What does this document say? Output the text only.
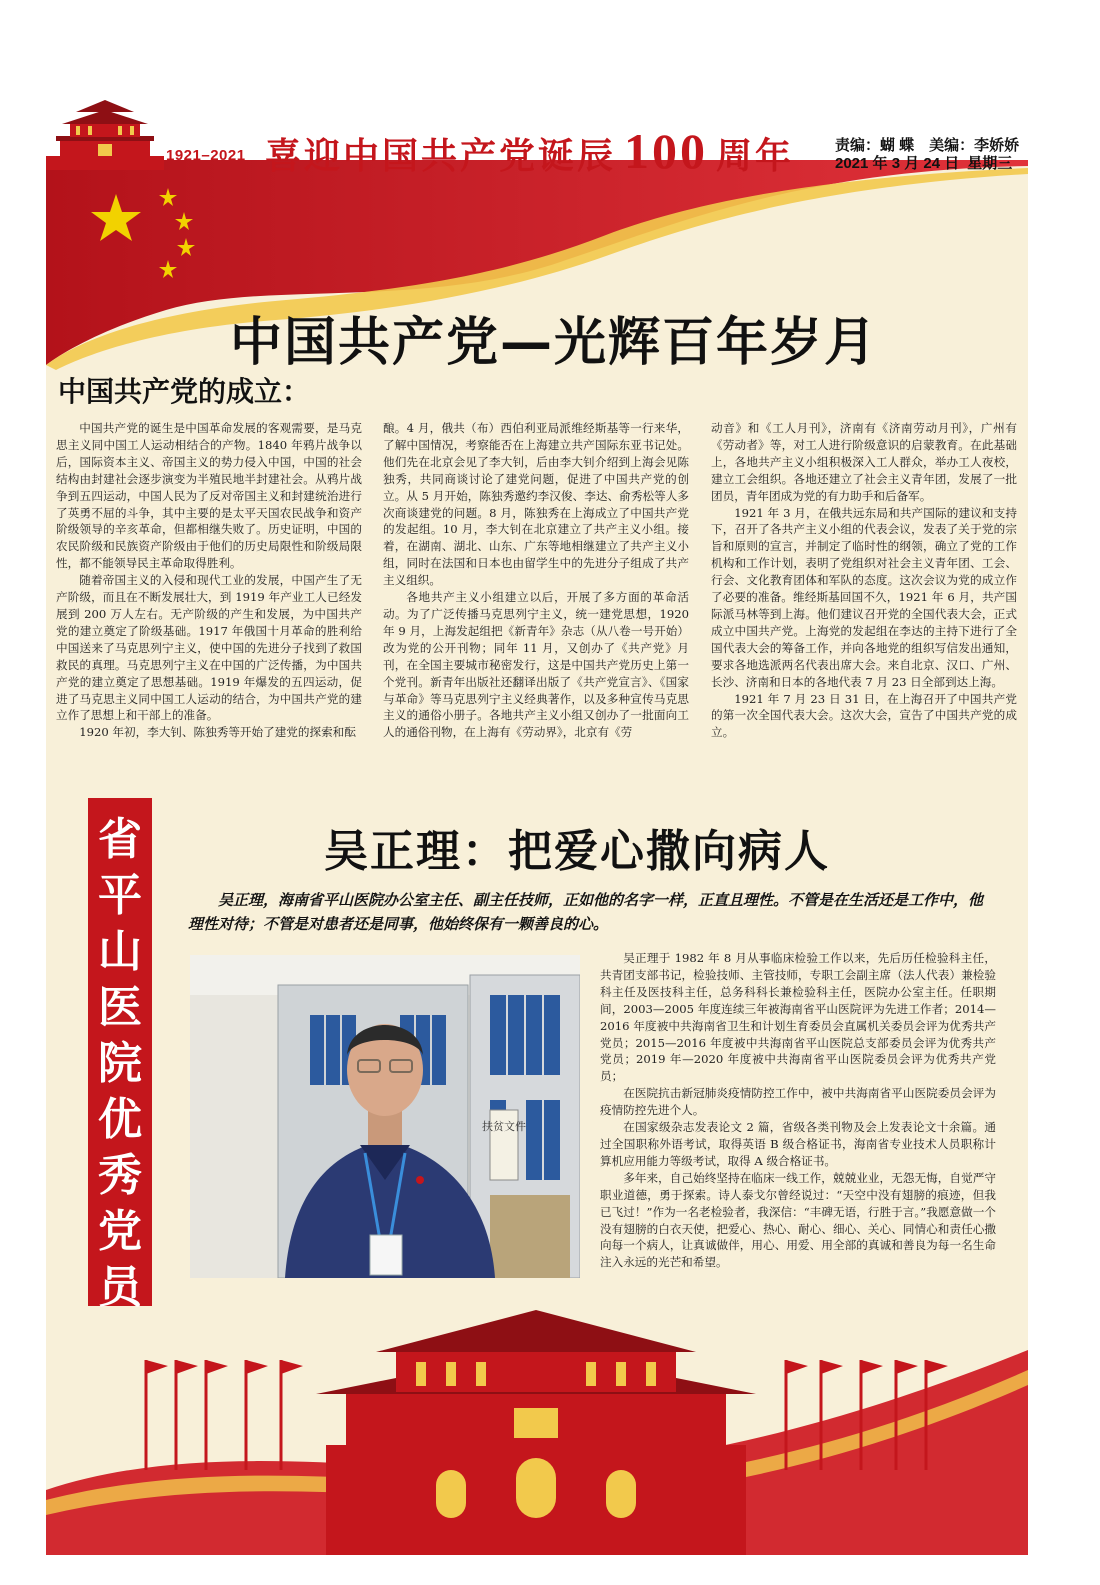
1921–2021 喜迎中国共产党诞辰 100 周年	责编：蝴 蝶　美编：李娇娇
2021 年 3 月 24 日 星期三
中国共产党—光辉百年岁月
中国共产党的成立：

中国共产党的诞生是中国革命发展的客观需要，是马克思主义同中国工人运动相结合的产物。1840 年鸦片战争以后，国际资本主义、帝国主义的势力侵入中国，中国的社会结构由封建社会逐步演变为半殖民地半封建社会。从鸦片战争到五四运动，中国人民为了反对帝国主义和封建统治进行了英勇不屈的斗争，其中主要的是太平天国农民战争和资产阶级领导的辛亥革命，但都相继失败了。历史证明，中国的农民阶级和民族资产阶级由于他们的历史局限性和阶级局限性，都不能领导民主革命取得胜利。

随着帝国主义的入侵和现代工业的发展，中国产生了无产阶级，而且在不断发展壮大，到 1919 年产业工人已经发展到 200 万人左右。无产阶级的产生和发展，为中国共产党的建立奠定了阶级基础。1917 年俄国十月革命的胜利给中国送来了马克思列宁主义，使中国的先进分子找到了救国救民的真理。马克思列宁主义在中国的广泛传播，为中国共产党的建立奠定了思想基础。1919 年爆发的五四运动，促进了马克思主义同中国工人运动的结合，为中国共产党的建立作了思想上和干部上的准备。

1920 年初，李大钊、陈独秀等开始了建党的探索和酝

酿。4 月，俄共（布）西伯利亚局派维经斯基等一行来华，了解中国情况，考察能否在上海建立共产国际东亚书记处。他们先在北京会见了李大钊，后由李大钊介绍到上海会见陈独秀，共同商谈讨论了建党问题，促进了中国共产党的创立。从 5 月开始，陈独秀邀约李汉俊、李达、俞秀松等人多次商谈建党的问题。8 月，陈独秀在上海成立了中国共产党的发起组。10 月，李大钊在北京建立了共产主义小组。接着，在湖南、湖北、山东、广东等地相继建立了共产主义小组，同时在法国和日本也由留学生中的先进分子组成了共产主义组织。

各地共产主义小组建立以后，开展了多方面的革命活动。为了广泛传播马克思列宁主义，统一建党思想，1920 年 9 月，上海发起组把《新青年》杂志（从八卷一号开始）改为党的公开刊物；同年 11 月，又创办了《共产党》月刊，在全国主要城市秘密发行，这是中国共产党历史上第一个党刊。新青年出版社还翻译出版了《共产党宣言》、《国家与革命》等马克思列宁主义经典著作，以及多种宣传马克思主义的通俗小册子。各地共产主义小组又创办了一批面向工人的通俗刊物，在上海有《劳动界》，北京有《劳

动音》和《工人月刊》，济南有《济南劳动月刊》，广州有《劳动者》等，对工人进行阶级意识的启蒙教育。在此基础上，各地共产主义小组积极深入工人群众，举办工人夜校，建立工会组织。各地还建立了社会主义青年团，发展了一批团员，青年团成为党的有力助手和后备军。

1921 年 3 月，在俄共远东局和共产国际的建议和支持下，召开了各共产主义小组的代表会议，发表了关于党的宗旨和原则的宣言，并制定了临时性的纲领，确立了党的工作机构和工作计划，表明了党组织对社会主义青年团、工会、行会、文化教育团体和军队的态度。这次会议为党的成立作了必要的准备。维经斯基回国不久，1921 年 6 月，共产国际派马林等到上海。他们建议召开党的全国代表大会，正式成立中国共产党。上海党的发起组在李达的主持下进行了全国代表大会的筹备工作，并向各地党的组织写信发出通知，要求各地选派两名代表出席大会。来自北京、汉口、广州、长沙、济南和日本的各地代表 7 月 23 日全部到达上海。

1921 年 7 月 23 日 31 日，在上海召开了中国共产党的第一次全国代表大会。这次大会，宣告了中国共产党的成立。

省平山医院优秀党员
吴正理：把爱心撒向病人
吴正理，海南省平山医院办公室主任、副主任技师，正如他的名字一样，正直且理性。不管是在生活还是工作中，他理性对待；不管是对患者还是同事，他始终保有一颗善良的心。
扶贫文件

吴正理于 1982 年 8 月从事临床检验工作以来，先后历任检验科主任，共青团支部书记，检验技师、主管技师，专职工会副主席（法人代表）兼检验科主任及医技科主任，总务科科长兼检验科主任，医院办公室主任。任职期间，2003—2005 年度连续三年被海南省平山医院评为先进工作者；2014—2016 年度被中共海南省卫生和计划生育委员会直属机关委员会评为优秀共产党员；2015—2016 年度被中共海南省平山医院总支部委员会评为优秀共产党员；2019 年—2020 年度被中共海南省平山医院委员会评为优秀共产党员；

在医院抗击新冠肺炎疫情防控工作中，被中共海南省平山医院委员会评为疫情防控先进个人。

在国家级杂志发表论文 2 篇，省级各类刊物及会上发表论文十余篇。通过全国职称外语考试，取得英语 B 级合格证书，海南省专业技术人员职称计算机应用能力等级考试，取得 A 级合格证书。

多年来，自己始终坚持在临床一线工作，兢兢业业，无怨无悔，自觉严守职业道德，勇于探索。诗人泰戈尔曾经说过：“天空中没有翅膀的痕迹，但我已飞过！”作为一名老检验者，我深信：“丰碑无语，行胜于言。”我愿意做一个没有翅膀的白衣天使，把爱心、热心、耐心、细心、关心、同情心和责任心撒向每一个病人，让真诚做伴，用心、用爱、用全部的真诚和善良为每一名生命注入永远的光芒和希望。
